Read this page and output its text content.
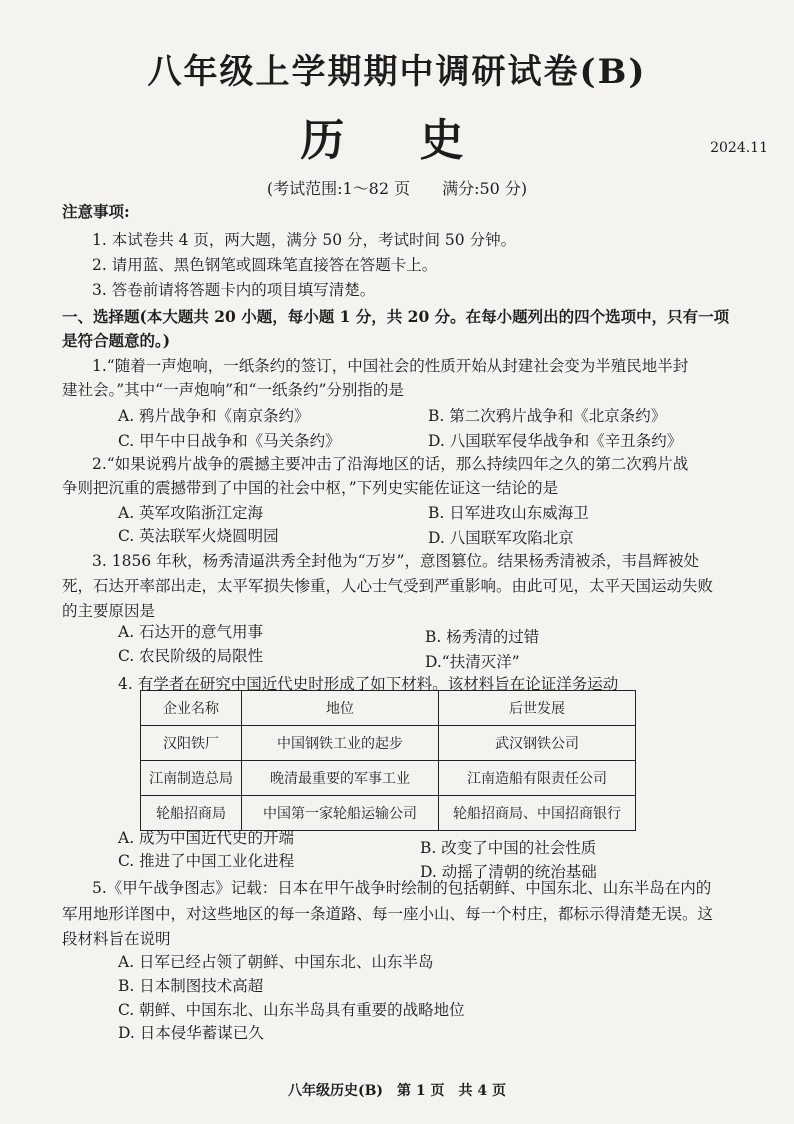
八年级上学期期中调研试卷(B)
历 史	2024.11
(考试范围:1～82 页　　满分:50 分)
注意事项:
1. 本试卷共 4 页，两大题，满分 50 分，考试时间 50 分钟。
2. 请用蓝、黑色钢笔或圆珠笔直接答在答题卡上。
3. 答卷前请将答题卡内的项目填写清楚。
一、选择题(本大题共 20 小题，每小题 1 分，共 20 分。在每小题列出的四个选项中，只有一项
是符合题意的。)
1.“随着一声炮响，一纸条约的签订，中国社会的性质开始从封建社会变为半殖民地半封
建社会。”其中“一声炮响”和“一纸条约”分别指的是
A. 鸦片战争和《南京条约》	B. 第二次鸦片战争和《北京条约》
C. 甲午中日战争和《马关条约》	D. 八国联军侵华战争和《辛丑条约》
2.“如果说鸦片战争的震撼主要冲击了沿海地区的话，那么持续四年之久的第二次鸦片战
争则把沉重的震撼带到了中国的社会中枢，”下列史实能佐证这一结论的是
A. 英军攻陷浙江定海	B. 日军进攻山东威海卫
C. 英法联军火烧圆明园	D. 八国联军攻陷北京
3. 1856 年秋，杨秀清逼洪秀全封他为“万岁”，意图篡位。结果杨秀清被杀，韦昌辉被处
死，石达开率部出走，太平军损失惨重，人心士气受到严重影响。由此可见，太平天国运动失败
的主要原因是
A. 石达开的意气用事	B. 杨秀清的过错
C. 农民阶级的局限性	D.“扶清灭洋”
4. 有学者在研究中国近代史时形成了如下材料。该材料旨在论证洋务运动
企业名称	地位	后世发展
汉阳铁厂	中国钢铁工业的起步	武汉钢铁公司
江南制造总局	晚清最重要的军事工业	江南造船有限责任公司
轮船招商局	中国第一家轮船运输公司	轮船招商局、中国招商银行
A. 成为中国近代史的开端
B. 改变了中国的社会性质
C. 推进了中国工业化进程
D. 动摇了清朝的统治基础
5.《甲午战争图志》记载：日本在甲午战争时绘制的包括朝鲜、中国东北、山东半岛在内的
军用地形详图中，对这些地区的每一条道路、每一座小山、每一个村庄，都标示得清楚无误。这
段材料旨在说明
A. 日军已经占领了朝鲜、中国东北、山东半岛
B. 日本制图技术高超
C. 朝鲜、中国东北、山东半岛具有重要的战略地位
D. 日本侵华蓄谋已久
八年级历史(B)　第 1 页　共 4 页
